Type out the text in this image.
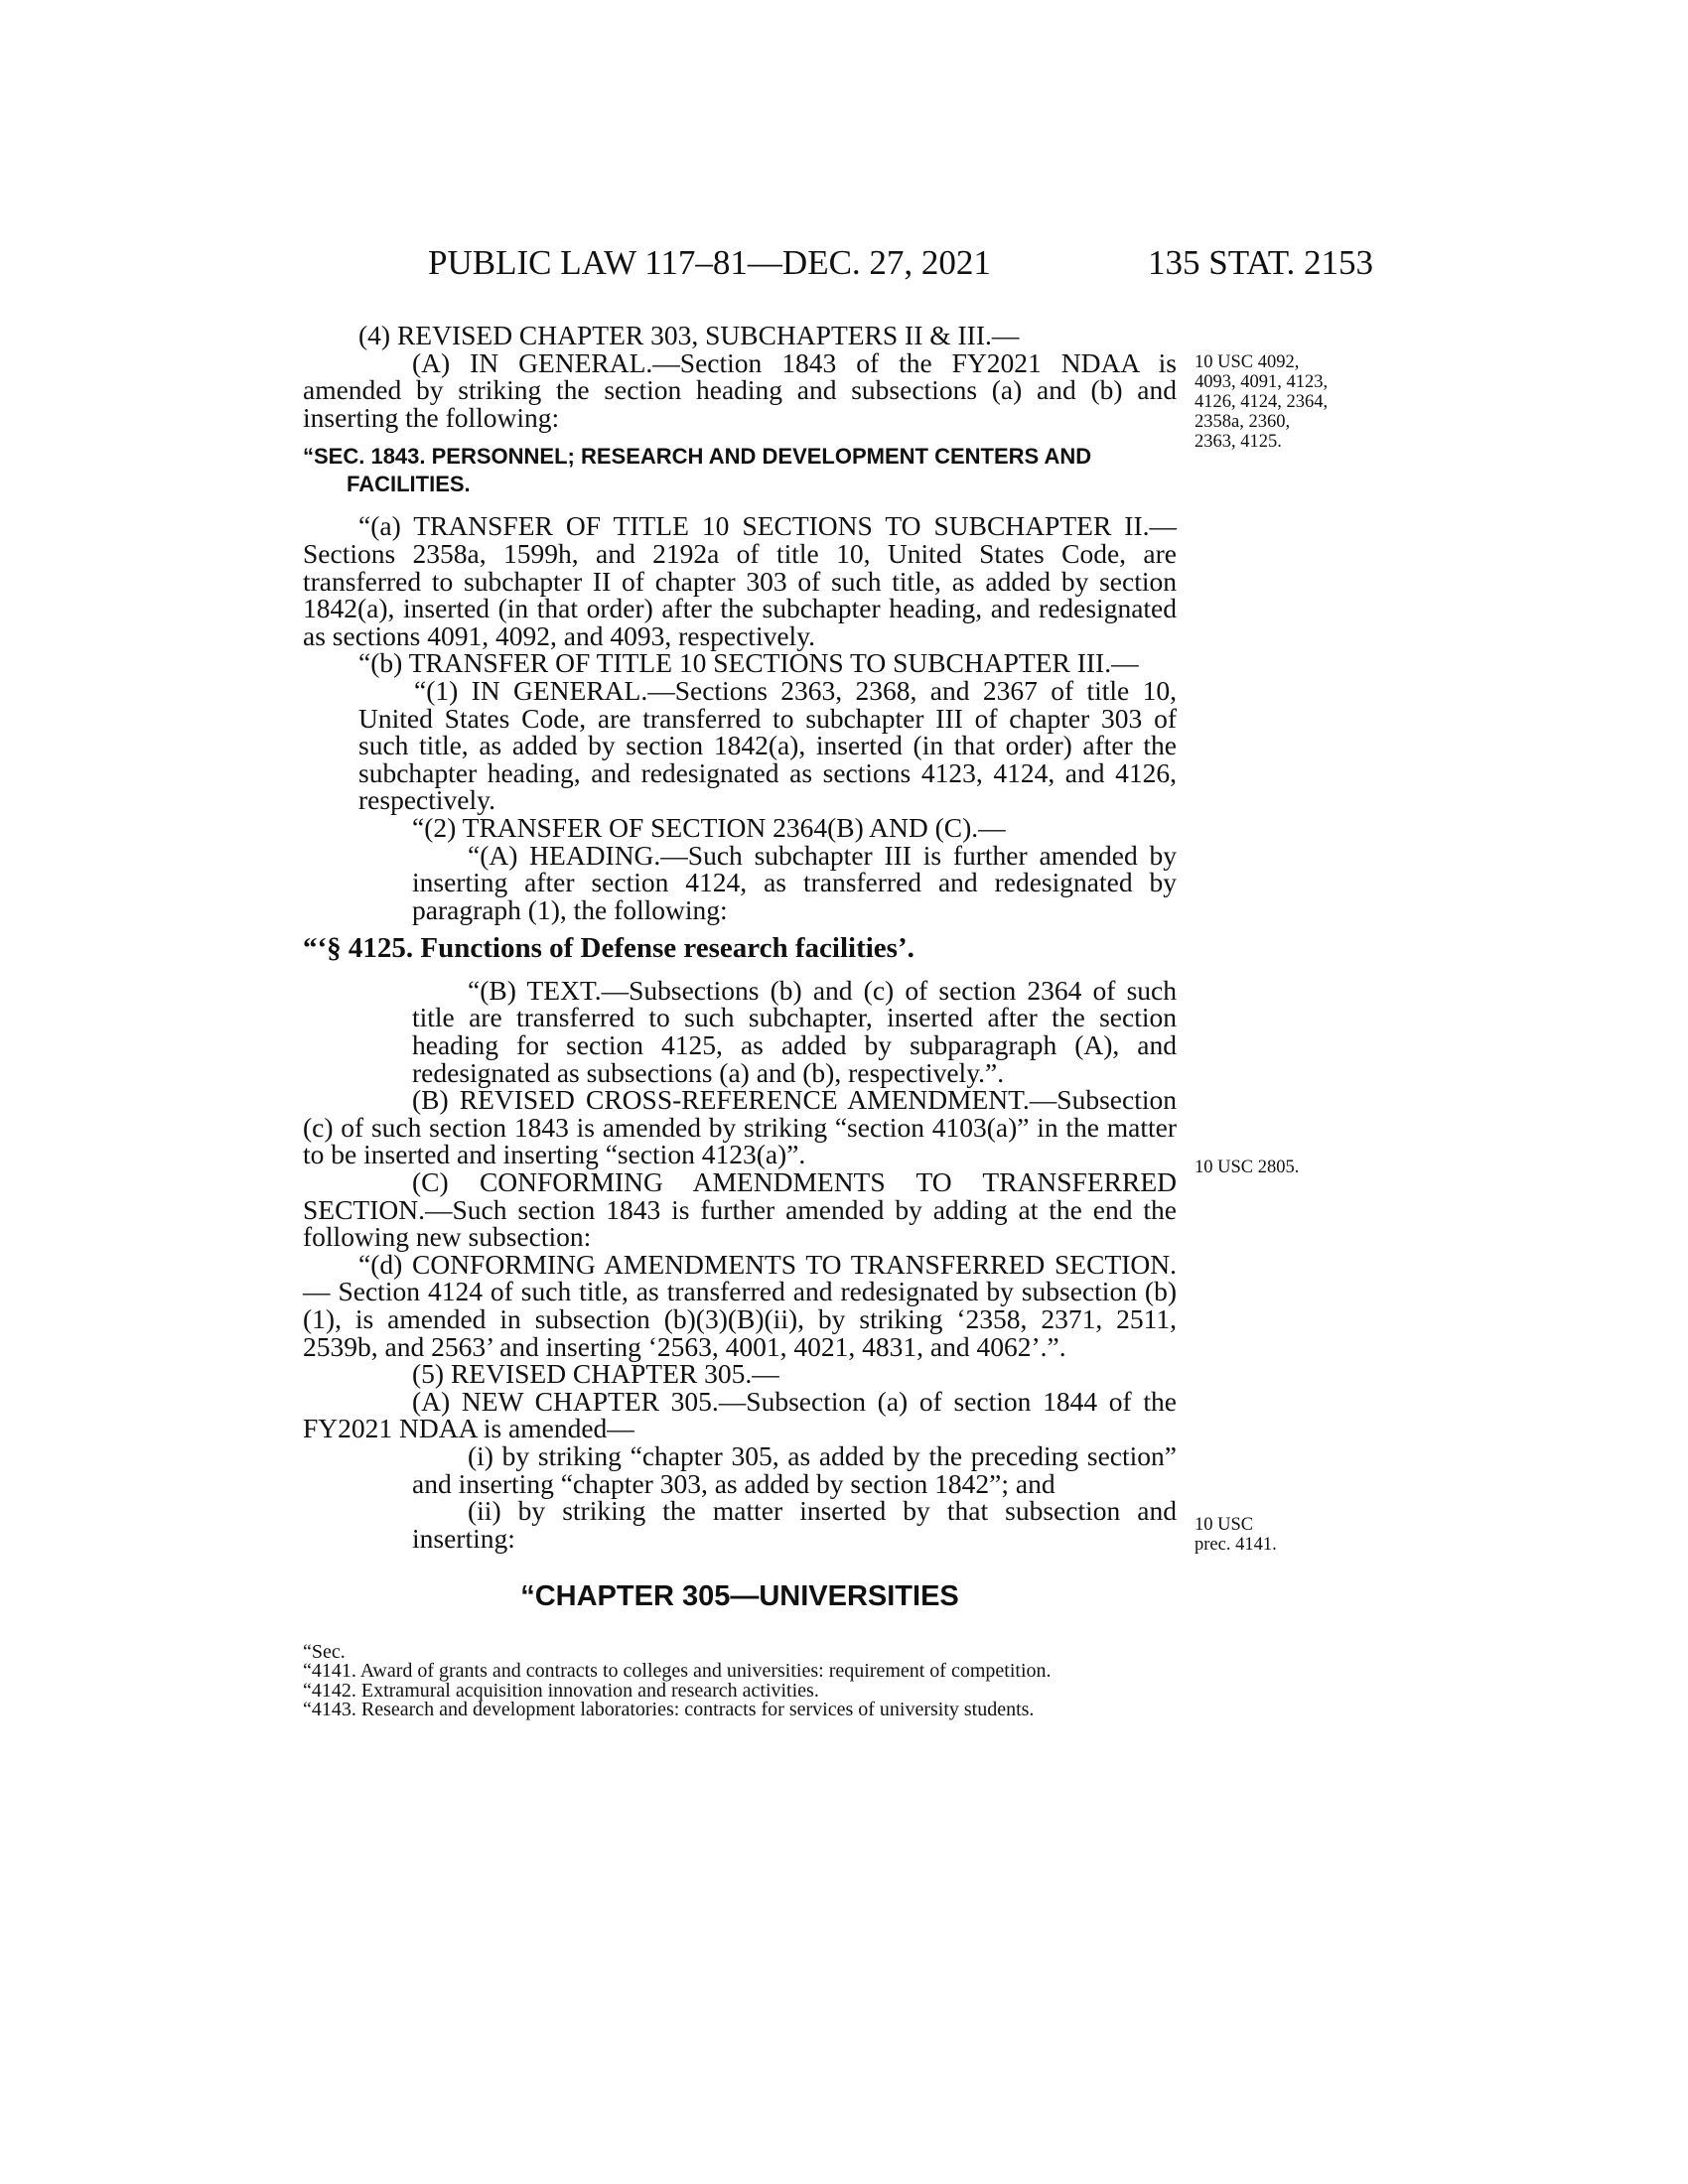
PUBLIC LAW 117–81—DEC. 27, 2021	135 STAT. 2153

(4) REVISED CHAPTER 303, SUBCHAPTERS II & III.—

(A) IN GENERAL.—Section 1843 of the FY2021 NDAA is amended by striking the section heading and subsections (a) and (b) and inserting the following:

“SEC. 1843. PERSONNEL; RESEARCH AND DEVELOPMENT CENTERS AND FACILITIES.

“(a) TRANSFER OF TITLE 10 SECTIONS TO SUBCHAPTER II.— Sections 2358a, 1599h, and 2192a of title 10, United States Code, are transferred to subchapter II of chapter 303 of such title, as added by section 1842(a), inserted (in that order) after the subchapter heading, and redesignated as sections 4091, 4092, and 4093, respectively.

“(b) TRANSFER OF TITLE 10 SECTIONS TO SUBCHAPTER III.—

“(1) IN GENERAL.—Sections 2363, 2368, and 2367 of title 10, United States Code, are transferred to subchapter III of chapter 303 of such title, as added by section 1842(a), inserted (in that order) after the subchapter heading, and redesignated as sections 4123, 4124, and 4126, respectively.

“(2) TRANSFER OF SECTION 2364(B) AND (C).—

“(A) HEADING.—Such subchapter III is further amended by inserting after section 4124, as transferred and redesignated by paragraph (1), the following:

“‘§ 4125. Functions of Defense research facilities’.

“(B) TEXT.—Subsections (b) and (c) of section 2364 of such title are transferred to such subchapter, inserted after the section heading for section 4125, as added by subparagraph (A), and redesignated as subsections (a) and (b), respectively.”.

(B) REVISED CROSS-REFERENCE AMENDMENT.—Subsection (c) of such section 1843 is amended by striking “section 4103(a)” in the matter to be inserted and inserting “section 4123(a)”.

(C) CONFORMING AMENDMENTS TO TRANSFERRED SECTION.—Such section 1843 is further amended by adding at the end the following new subsection:

“(d) CONFORMING AMENDMENTS TO TRANSFERRED SECTION.— Section 4124 of such title, as transferred and redesignated by subsection (b)(1), is amended in subsection (b)(3)(B)(ii), by striking ‘2358, 2371, 2511, 2539b, and 2563’ and inserting ‘2563, 4001, 4021, 4831, and 4062’.”.

(5) REVISED CHAPTER 305.—

(A) NEW CHAPTER 305.—Subsection (a) of section 1844 of the FY2021 NDAA is amended—

(i) by striking “chapter 305, as added by the preceding section” and inserting “chapter 303, as added by section 1842”; and

(ii) by striking the matter inserted by that subsection and inserting:

“CHAPTER 305—UNIVERSITIES

“Sec.

“4141. Award of grants and contracts to colleges and universities: requirement of competition.

“4142. Extramural acquisition innovation and research activities.

“4143. Research and development laboratories: contracts for services of university students.

10 USC 4092,
4093, 4091, 4123,
4126, 4124, 2364,
2358a, 2360,
2363, 4125.
10 USC 2805.
10 USC
prec. 4141.
